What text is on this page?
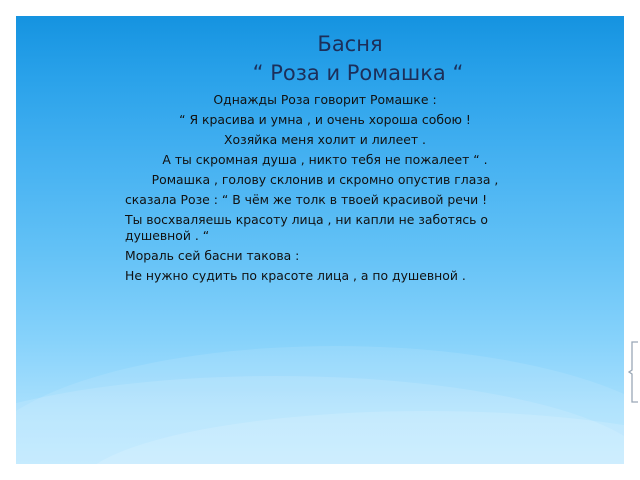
Басня
“ Роза и Ромашка “

Однажды Роза говорит Ромашке :

“ Я красива и умна , и очень хороша собою !

Хозяйка меня холит и лилеет .

А ты скромная душа , никто тебя не пожалеет “ .

Ромашка , голову склонив и скромно опустив глаза ,

сказала Розе : “ В чём же толк в твоей красивой речи !

Ты восхваляешь красоту лица , ни капли не заботясь о душевной . “

Мораль сей басни такова :

Не нужно судить по красоте лица , а по душевной .
